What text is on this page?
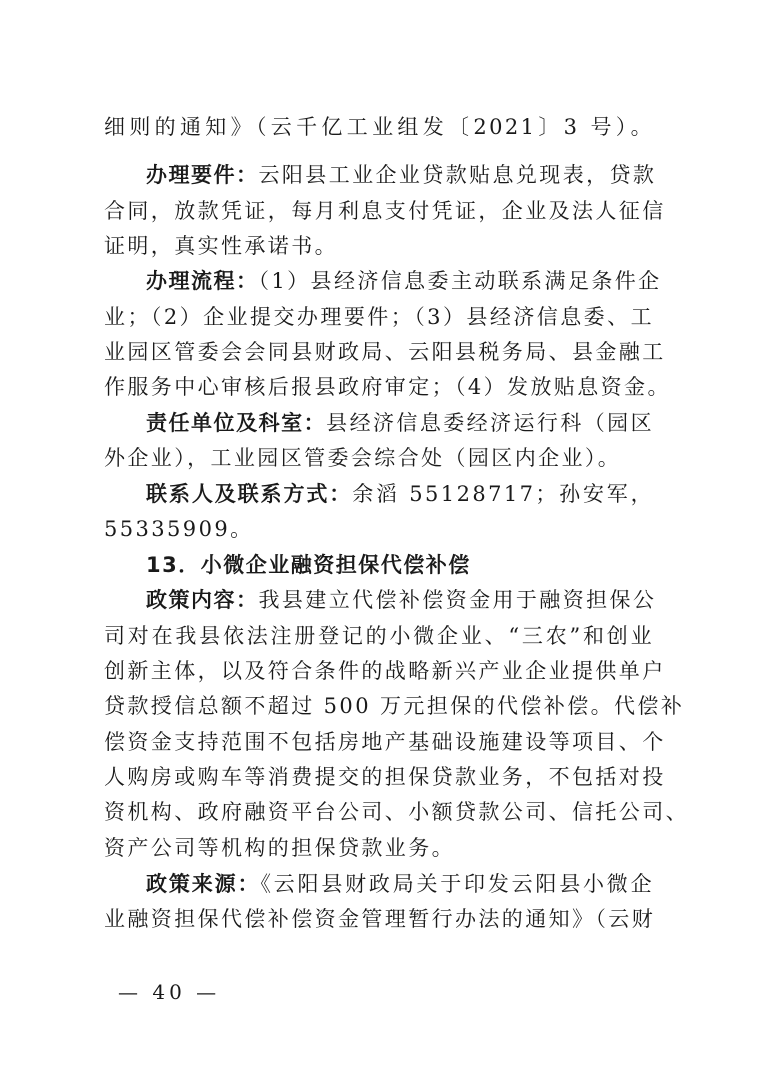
细则的通知》（云千亿工业组发〔2021〕3 号）。
办理要件：云阳县工业企业贷款贴息兑现表，贷款
合同，放款凭证，每月利息支付凭证，企业及法人征信
证明，真实性承诺书。
办理流程：（1）县经济信息委主动联系满足条件企
业；（2）企业提交办理要件；（3）县经济信息委、工
业园区管委会会同县财政局、云阳县税务局、县金融工
作服务中心审核后报县政府审定；（4）发放贴息资金。
责任单位及科室：县经济信息委经济运行科（园区
外企业），工业园区管委会综合处（园区内企业）。
联系人及联系方式：余滔 55128717；孙安军，
55335909。
13．小微企业融资担保代偿补偿
政策内容：我县建立代偿补偿资金用于融资担保公
司对在我县依法注册登记的小微企业、“三农”和创业
创新主体，以及符合条件的战略新兴产业企业提供单户
贷款授信总额不超过 500 万元担保的代偿补偿。代偿补
偿资金支持范围不包括房地产基础设施建设等项目、个
人购房或购车等消费提交的担保贷款业务，不包括对投
资机构、政府融资平台公司、小额贷款公司、信托公司、
资产公司等机构的担保贷款业务。
政策来源：《云阳县财政局关于印发云阳县小微企
业融资担保代偿补偿资金管理暂行办法的通知》（云财
— 40 —
